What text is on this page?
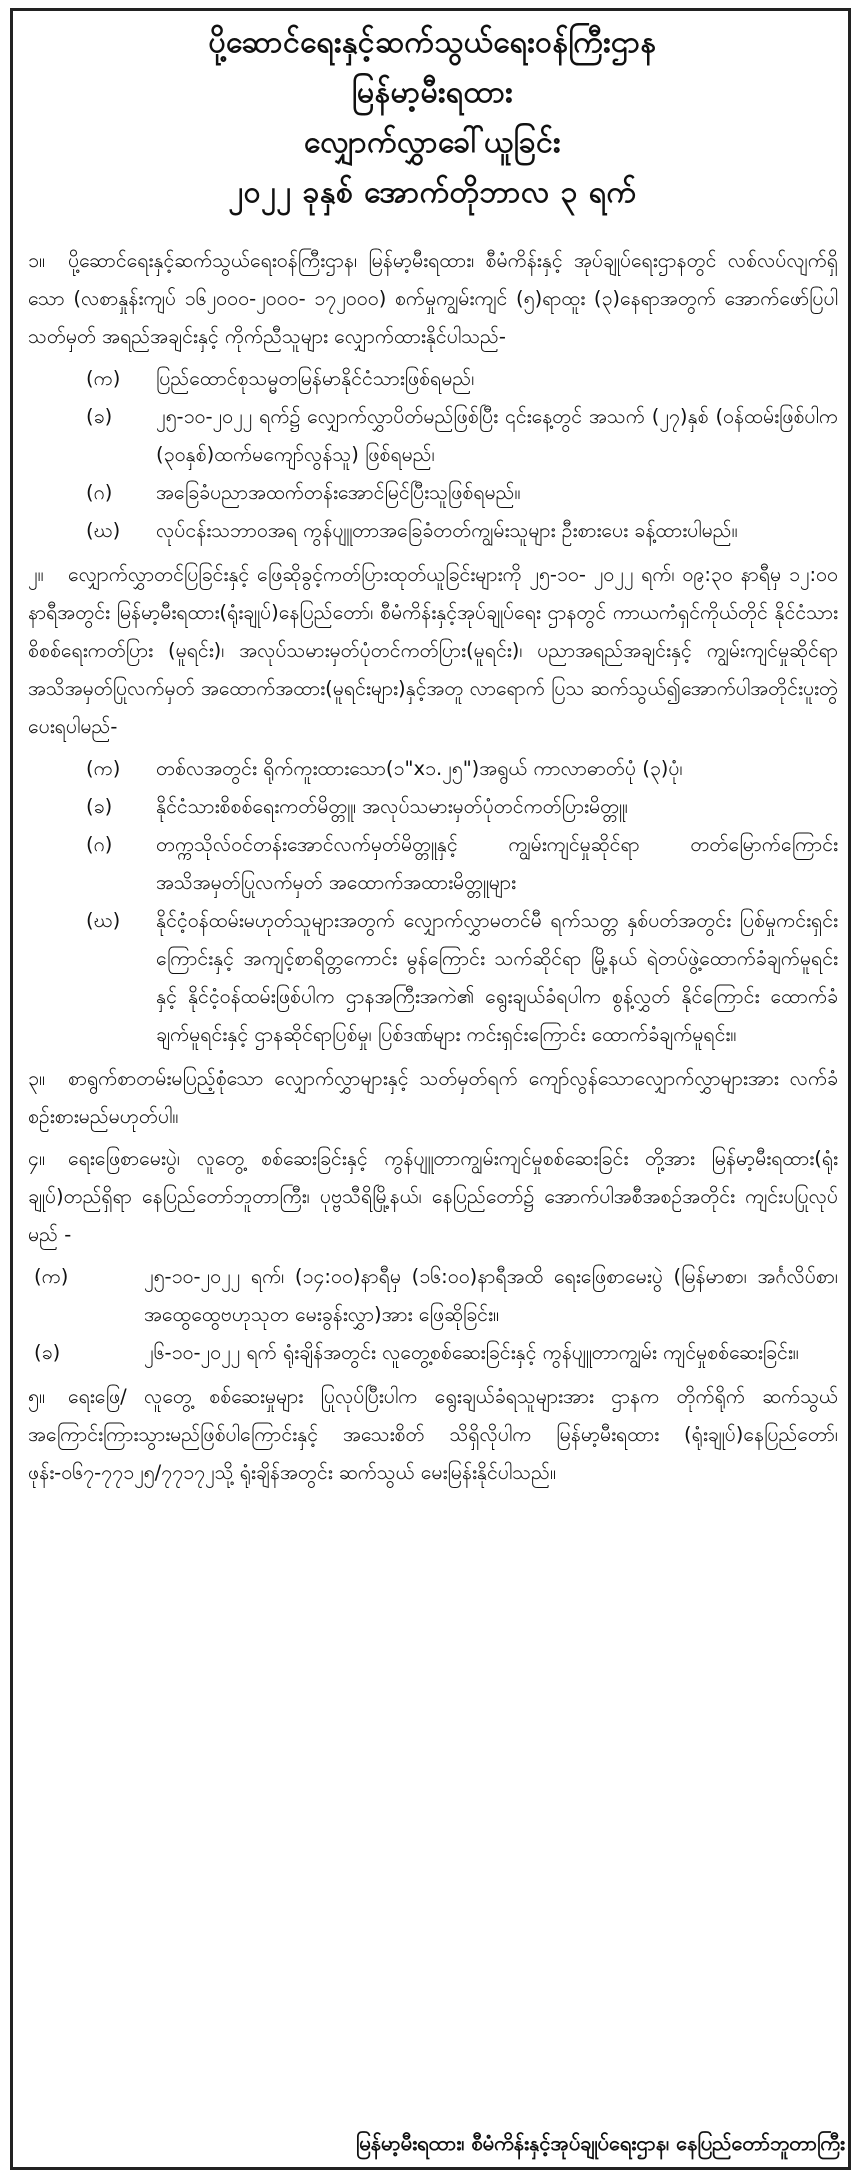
ပို့ဆောင်ရေးနှင့်ဆက်သွယ်ရေးဝန်ကြီးဌာန
မြန်မာ့မီးရထား
လျှောက်လွှာခေါ်ယူခြင်း
၂၀၂၂ ခုနှစ် အောက်တိုဘာလ ၃ ရက်
၁။ ပို့ဆောင်ရေးနှင့်ဆက်သွယ်ရေးဝန်ကြီးဌာန၊ မြန်မာ့မီးရထား၊ စီမံကိန်းနှင့် အုပ်ချုပ်ရေးဌာနတွင် လစ်လပ်လျက်ရှိသော (လစာနှုန်းကျပ် ၁၆၂၀၀၀-၂၀၀၀- ၁၇၂၀၀၀) စက်မှုကျွမ်းကျင် (၅)ရာထူး (၃)နေရာအတွက် အောက်ဖော်ပြပါ သတ်မှတ် အရည်အချင်းနှင့် ကိုက်ညီသူများ လျှောက်ထားနိုင်ပါသည်-
(က)	ပြည်ထောင်စုသမ္မတမြန်မာနိုင်ငံသားဖြစ်ရမည်၊
(ခ)	၂၅-၁၀-၂၀၂၂ ရက်၌ လျှောက်လွှာပိတ်မည်ဖြစ်ပြီး ၎င်းနေ့တွင် အသက် (၂၇)နှစ် (ဝန်ထမ်းဖြစ်ပါက (၃၀နှစ်)ထက်မကျော်လွန်သူ) ဖြစ်ရမည်၊
(ဂ)	အခြေခံပညာအထက်တန်းအောင်မြင်ပြီးသူဖြစ်ရမည်။
(ဃ)	လုပ်ငန်းသဘာဝအရ ကွန်ပျူတာအခြေခံတတ်ကျွမ်းသူများ ဦးစားပေး ခန့်ထားပါမည်။
၂။ လျှောက်လွှာတင်ပြခြင်းနှင့် ဖြေဆိုခွင့်ကတ်ပြားထုတ်ယူခြင်းများကို ၂၅-၁၀- ၂၀၂၂ ရက်၊ ၀၉:၃၀ နာရီမှ ၁၂:၀၀ နာရီအတွင်း မြန်မာ့မီးရထား(ရုံးချုပ်)နေပြည်တော်၊ စီမံကိန်းနှင့်အုပ်ချုပ်ရေး ဌာနတွင် ကာယကံရှင်ကိုယ်တိုင် နိုင်ငံသားစိစစ်ရေးကတ်ပြား (မူရင်း)၊ အလုပ်သမားမှတ်ပုံတင်ကတ်ပြား(မူရင်း)၊ ပညာအရည်အချင်းနှင့် ကျွမ်းကျင်မှုဆိုင်ရာ အသိအမှတ်ပြုလက်မှတ် အထောက်အထား(မူရင်းများ)နှင့်အတူ လာရောက် ပြသ ဆက်သွယ်၍အောက်ပါအတိုင်းပူးတွဲပေးရပါမည်-
(က)	တစ်လအတွင်း ရိုက်ကူးထားသော(၁"x၁.၂၅")အရွယ် ကာလာဓာတ်ပုံ (၃)ပုံ၊
(ခ)	နိုင်ငံသားစိစစ်ရေးကတ်မိတ္တူ၊ အလုပ်သမားမှတ်ပုံတင်ကတ်ပြားမိတ္တူ၊
(ဂ)	တက္ကသိုလ်ဝင်တန်းအောင်လက်မှတ်မိတ္တူနှင့် ကျွမ်းကျင်မှုဆိုင်ရာ တတ်မြောက်ကြောင်း အသိအမှတ်ပြုလက်မှတ် အထောက်အထားမိတ္တူများ
(ဃ)	နိုင်ငံ့ဝန်ထမ်းမဟုတ်သူများအတွက် လျှောက်လွှာမတင်မီ ရက်သတ္တ နှစ်ပတ်အတွင်း ပြစ်မှုကင်းရှင်းကြောင်းနှင့် အကျင့်စာရိတ္တကောင်း မွန်ကြောင်း သက်ဆိုင်ရာ မြို့နယ် ရဲတပ်ဖွဲ့ထောက်ခံချက်မူရင်းနှင့် နိုင်ငံ့ဝန်ထမ်းဖြစ်ပါက ဌာနအကြီးအကဲ၏ ရွေးချယ်ခံရပါက စွန့်လွှတ် နိုင်ကြောင်း ထောက်ခံချက်မူရင်းနှင့် ဌာနဆိုင်ရာပြစ်မှု၊ ပြစ်ဒဏ်များ ကင်းရှင်းကြောင်း ထောက်ခံချက်မူရင်း။
၃။ စာရွက်စာတမ်းမပြည့်စုံသော လျှောက်လွှာများနှင့် သတ်မှတ်ရက် ကျော်လွန်သောလျှောက်လွှာများအား လက်ခံစဉ်းစားမည်မဟုတ်ပါ။
၄။ ရေးဖြေစာမေးပွဲ၊ လူတွေ့ စစ်ဆေးခြင်းနှင့် ကွန်ပျူတာကျွမ်းကျင်မှုစစ်ဆေးခြင်း တို့အား မြန်မာ့မီးရထား(ရုံးချုပ်)တည်ရှိရာ နေပြည်တော်ဘူတာကြီး၊ ပုဗ္ဗသီရိမြို့နယ်၊ နေပြည်တော်၌ အောက်ပါအစီအစဉ်အတိုင်း ကျင်းပပြုလုပ်မည် -
(က)	၂၅-၁၀-၂၀၂၂ ရက်၊ (၁၄:၀၀)နာရီမှ (၁၆:၀၀)နာရီအထိ ရေးဖြေစာမေးပွဲ (မြန်မာစာ၊ အင်္ဂလိပ်စာ၊ အထွေထွေဗဟုသုတ မေးခွန်းလွှာ)အား ဖြေဆိုခြင်း။
(ခ)	၂၆-၁၀-၂၀၂၂ ရက် ရုံးချိန်အတွင်း လူတွေ့စစ်ဆေးခြင်းနှင့် ကွန်ပျူတာကျွမ်း ကျင်မှုစစ်ဆေးခြင်း။
၅။ ရေးဖြေ/ လူတွေ့ စစ်ဆေးမှုများ ပြုလုပ်ပြီးပါက ရွေးချယ်ခံရသူများအား ဌာနက တိုက်ရိုက် ဆက်သွယ်အကြောင်းကြားသွားမည်ဖြစ်ပါကြောင်းနှင့် အသေးစိတ် သိရှိလိုပါက မြန်မာ့မီးရထား (ရုံးချုပ်)နေပြည်တော်၊ ဖုန်း-၀၆၇-၇၇၁၂၅/၇၇၁၇၂သို့ ရုံးချိန်အတွင်း ဆက်သွယ် မေးမြန်းနိုင်ပါသည်။
မြန်မာ့မီးရထား၊ စီမံကိန်းနှင့်အုပ်ချုပ်ရေးဌာန၊ နေပြည်တော်ဘူတာကြီး
